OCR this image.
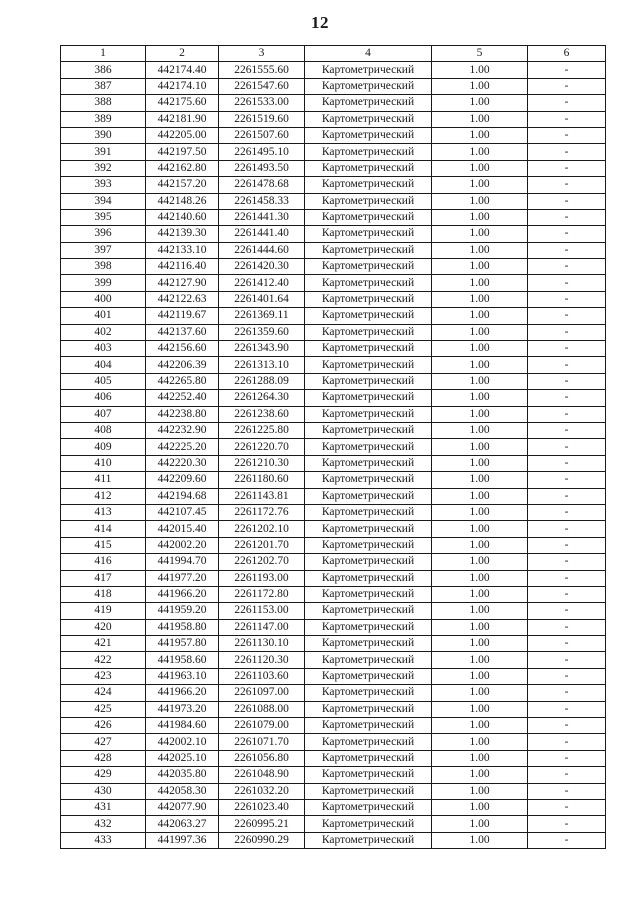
12
1	2	3	4	5	6
386	442174.40	2261555.60	Картометрический	1.00	-
387	442174.10	2261547.60	Картометрический	1.00	-
388	442175.60	2261533.00	Картометрический	1.00	-
389	442181.90	2261519.60	Картометрический	1.00	-
390	442205.00	2261507.60	Картометрический	1.00	-
391	442197.50	2261495.10	Картометрический	1.00	-
392	442162.80	2261493.50	Картометрический	1.00	-
393	442157.20	2261478.68	Картометрический	1.00	-
394	442148.26	2261458.33	Картометрический	1.00	-
395	442140.60	2261441.30	Картометрический	1.00	-
396	442139.30	2261441.40	Картометрический	1.00	-
397	442133.10	2261444.60	Картометрический	1.00	-
398	442116.40	2261420.30	Картометрический	1.00	-
399	442127.90	2261412.40	Картометрический	1.00	-
400	442122.63	2261401.64	Картометрический	1.00	-
401	442119.67	2261369.11	Картометрический	1.00	-
402	442137.60	2261359.60	Картометрический	1.00	-
403	442156.60	2261343.90	Картометрический	1.00	-
404	442206.39	2261313.10	Картометрический	1.00	-
405	442265.80	2261288.09	Картометрический	1.00	-
406	442252.40	2261264.30	Картометрический	1.00	-
407	442238.80	2261238.60	Картометрический	1.00	-
408	442232.90	2261225.80	Картометрический	1.00	-
409	442225.20	2261220.70	Картометрический	1.00	-
410	442220.30	2261210.30	Картометрический	1.00	-
411	442209.60	2261180.60	Картометрический	1.00	-
412	442194.68	2261143.81	Картометрический	1.00	-
413	442107.45	2261172.76	Картометрический	1.00	-
414	442015.40	2261202.10	Картометрический	1.00	-
415	442002.20	2261201.70	Картометрический	1.00	-
416	441994.70	2261202.70	Картометрический	1.00	-
417	441977.20	2261193.00	Картометрический	1.00	-
418	441966.20	2261172.80	Картометрический	1.00	-
419	441959.20	2261153.00	Картометрический	1.00	-
420	441958.80	2261147.00	Картометрический	1.00	-
421	441957.80	2261130.10	Картометрический	1.00	-
422	441958.60	2261120.30	Картометрический	1.00	-
423	441963.10	2261103.60	Картометрический	1.00	-
424	441966.20	2261097.00	Картометрический	1.00	-
425	441973.20	2261088.00	Картометрический	1.00	-
426	441984.60	2261079.00	Картометрический	1.00	-
427	442002.10	2261071.70	Картометрический	1.00	-
428	442025.10	2261056.80	Картометрический	1.00	-
429	442035.80	2261048.90	Картометрический	1.00	-
430	442058.30	2261032.20	Картометрический	1.00	-
431	442077.90	2261023.40	Картометрический	1.00	-
432	442063.27	2260995.21	Картометрический	1.00	-
433	441997.36	2260990.29	Картометрический	1.00	-
